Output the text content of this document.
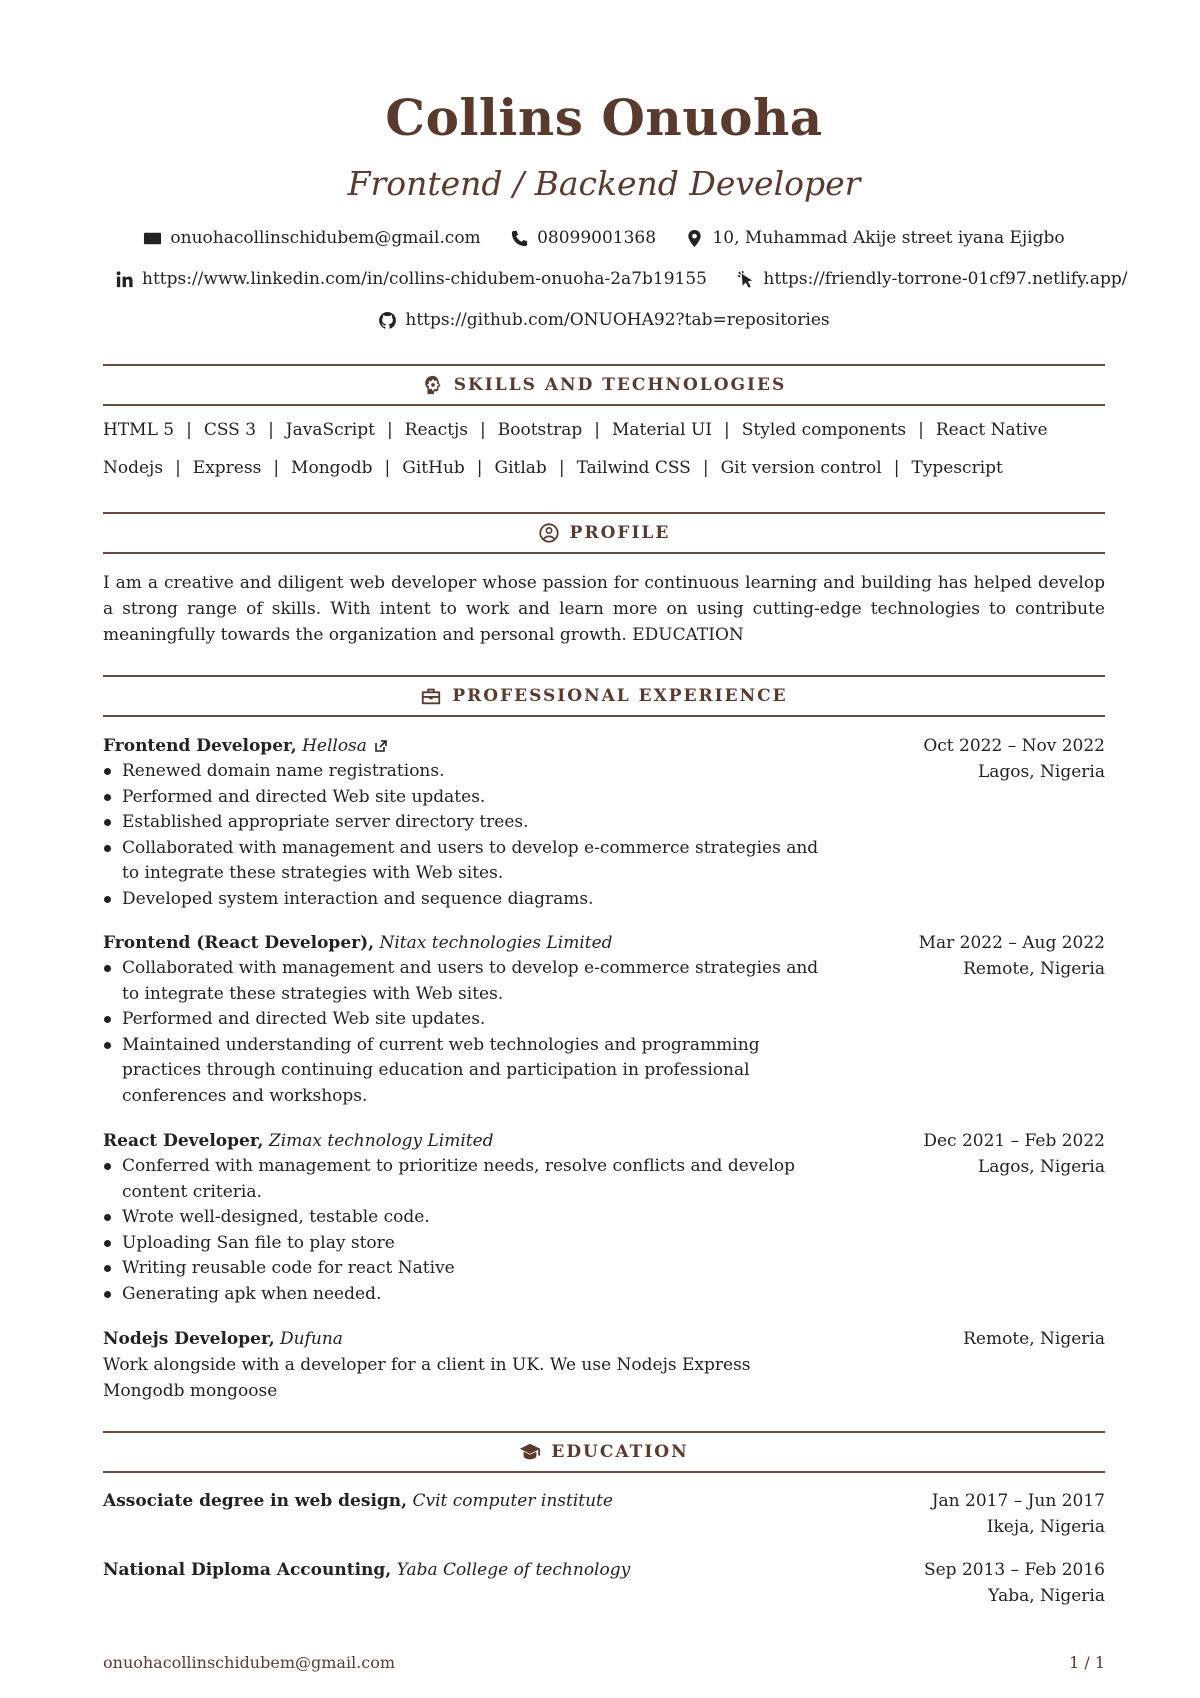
Collins Onuoha
Frontend / Backend Developer
onuohacollinschidubem@gmail.com
	08099001368
	10, Muhammad Akije street iyana Ejigbo
https://www.linkedin.com/in/collins-chidubem-onuoha-2a7b19155
	https://friendly-torrone-01cf97.netlify.app/
https://github.com/ONUOHA92?tab=repositories
SKILLS AND TECHNOLOGIES
HTML 5 | CSS 3 | JavaScript | Reactjs | Bootstrap | Material UI | Styled components | React Native
Nodejs | Express | Mongodb | GitHub | Gitlab | Tailwind CSS | Git version control | Typescript
PROFILE
I am a creative and diligent web developer whose passion for continuous learning and building has helped develop a strong range of skills. With intent to work and learn more on using cutting-edge technologies to contribute meaningfully towards the organization and personal growth. EDUCATION
PROFESSIONAL EXPERIENCE
Frontend Developer, Hellosa	Oct 2022 – Nov 2022
Lagos, Nigeria
Renewed domain name registrations.
Performed and directed Web site updates.
Established appropriate server directory trees.
Collaborated with management and users to develop e-commerce strategies and to integrate these strategies with Web sites.
Developed system interaction and sequence diagrams.
Frontend (React Developer), Nitax technologies Limited	Mar 2022 – Aug 2022
Remote, Nigeria
Collaborated with management and users to develop e-commerce strategies and to integrate these strategies with Web sites.
Performed and directed Web site updates.
Maintained understanding of current web technologies and programming practices through continuing education and participation in professional conferences and workshops.
React Developer, Zimax technology Limited	Dec 2021 – Feb 2022
Lagos, Nigeria
Conferred with management to prioritize needs, resolve conflicts and develop content criteria.
Wrote well-designed, testable code.
Uploading San file to play store
Writing reusable code for react Native
Generating apk when needed.
Nodejs Developer, Dufuna	Remote, Nigeria
Work alongside with a developer for a client in UK. We use Nodejs Express Mongodb mongoose
EDUCATION
Associate degree in web design, Cvit computer institute	Jan 2017 – Jun 2017
Ikeja, Nigeria
National Diploma Accounting, Yaba College of technology	Sep 2013 – Feb 2016
Yaba, Nigeria
onuohacollinschidubem@gmail.com	1 / 1
